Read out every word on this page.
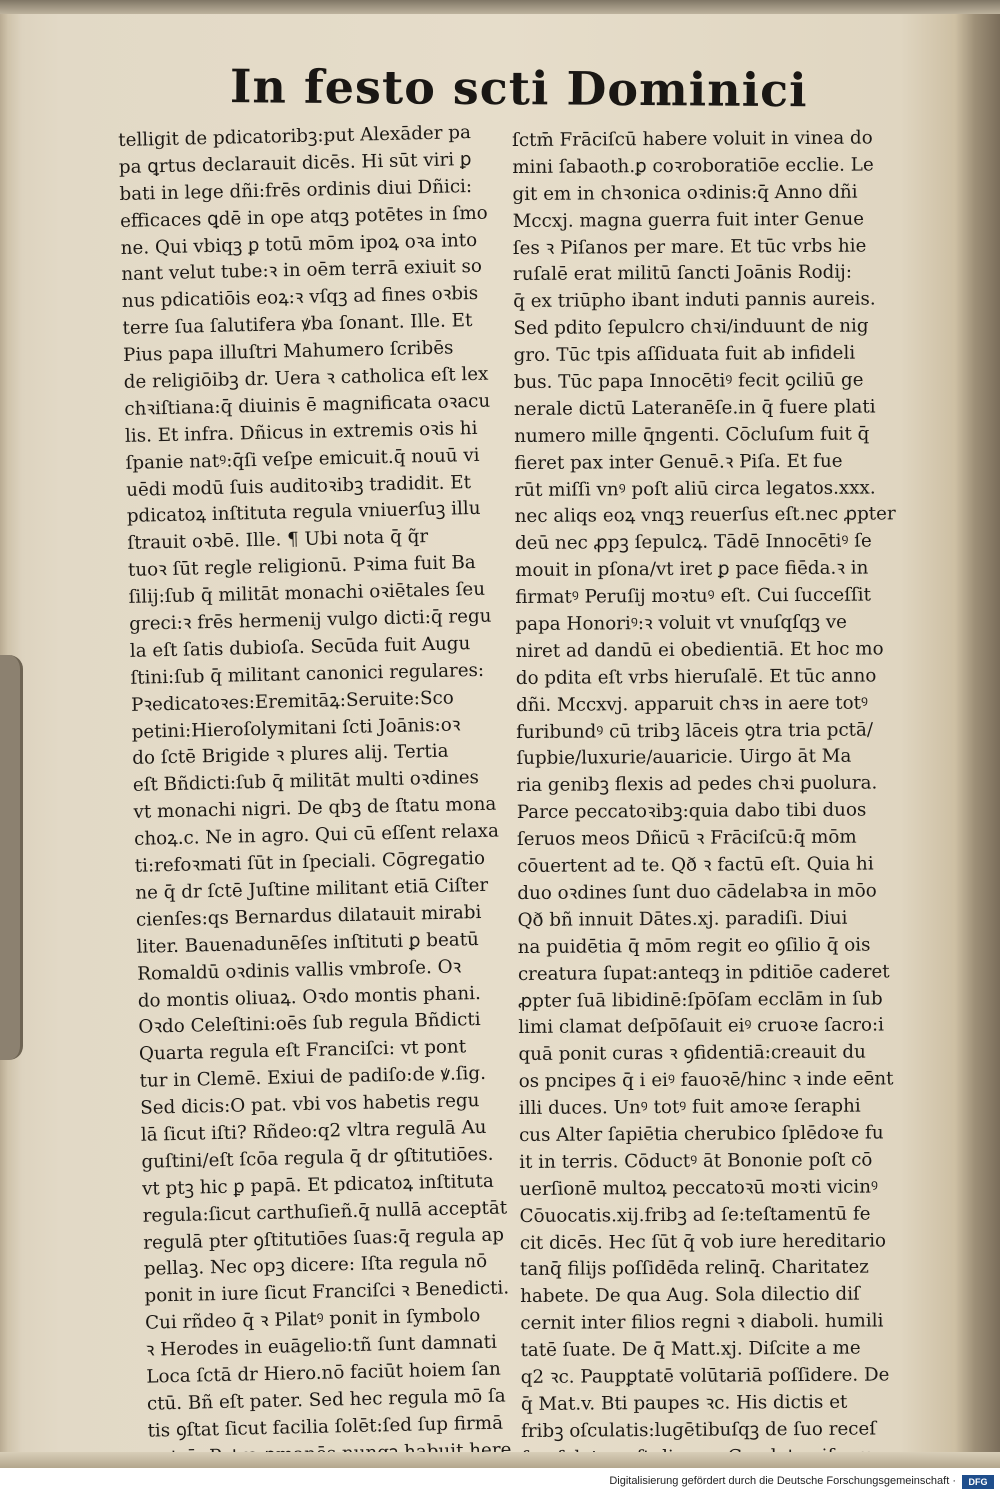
In festo scti Dominici
telligit de pdicatoribꝫ:put Alexāder pa
pa ꝗrtus declarauit dicēs. Hi sūt viri ꝑ
bati in lege dñi:frēs ordinis diui Dñici:
efficaces ꝗdē in ope atqꝫ potētes in ſmo
ne. Qui vbiqꝫ ꝑ totū mōm ipoꝝ oꝛa into
nant velut tube:ꝛ in oēm terrā exiuit so
nus pdicatiōis eoꝝ:ꝛ vſqꝫ ad fines oꝛbis
terre ſua ſalutifera ꝟba ſonant. Ille. Et
Pius papa illuſtri Mahumero ſcribēs
de religiōibꝫ dr. Uera ꝛ catholica eſt lex
chꝛiſtiana:q̄ diuinis ē magnificata oꝛacu
lis. Et infra. Dñicus in extremis oꝛis hi
ſpanie natꝰ:q̄ſi veſpe emicuit.q̄ nouū vi
uēdi modū ſuis auditoꝛibꝫ tradidit. Et
pdicatoꝝ inſtituta regula vniuerſuꝫ illu
ſtrauit oꝛbē. Ille. ¶ Ubi nota q̄ q̃r
tuoꝛ ſūt regle religionū. Pꝛima fuit Ba
ſilij:ſub q̄ militāt monachi oꝛiētales ſeu
greci:ꝛ frēs hermenij vulgo dicti:q̄ regu
la eſt ſatis dubioſa. Secūda fuit Augu
ſtini:ſub q̄ militant canonici regulares:
Pꝛedicatoꝛes:Eremitāꝝ:Seruite:Sco
petini:Hieroſolymitani ſcti Joānis:oꝛ
do ſctē Brigide ꝛ plures alij. Tertia
eſt Bñdicti:ſub q̄ militāt multi oꝛdines
vt monachi nigri. De qbꝫ de ſtatu mona
choꝝ.c. Ne in agro. Qui cū eſſent relaxa
ti:refoꝛmati ſūt in ſpeciali. Cōgregatio
ne q̄ dr ſctē Juſtine militant etiā Ciſter
cienſes:qs Bernardus dilatauit mirabi
liter. Bauenadunēſes inſtituti ꝑ beatū
Romaldū oꝛdinis vallis vmbroſe. Oꝛ
do montis oliuaꝝ. Oꝛdo montis phani.
Oꝛdo Celeſtini:oēs ſub regula Bñdicti
Quarta regula eſt Franciſci: vt pont
tur in Clemē. Exiui de padiſo:de ꝟ.ſig.
Sed dicis:O pat. vbi vos habetis regu
lā ſicut iſti? Rñdeo:q2 vltra regulā Au
guſtini/eſt ſcōa regula q̄ dr ꝯſtitutiōes.
vt ptꝫ hic ꝑ papā. Et pdicatoꝝ inſtituta
regula:ſicut carthuſieñ.q̄ nullā acceptāt
regulā pter ꝯſtitutiōes ſuas:q̄ regula ap
pellaꝫ. Nec opꝫ dicere: Iſta regula nō
ponit in iure ſicut Franciſci ꝛ Benedicti.
Cui rñdeo q̄ ꝛ Pilatꝰ ponit in ſymbolo
ꝛ Herodes in euāgelio:tñ ſunt damnati
Loca ſctā dr Hiero.nō faciūt hoiem ſan
ctū. Bñ eſt pater. Sed hec regula mō ſa
tis ꝯſtat ſicut facilia ſolēt:ſed ſup firmā
ſctm̄ Frāciſcū habere voluit in vinea do
mini ſabaoth.ꝑ coꝛroboratiōe ecclie. Le
git em in chꝛonica oꝛdinis:q̄ Anno dñi
Mccxj. magna guerra fuit inter Genue
ſes ꝛ Piſanos per mare. Et tūc vrbs hie
ruſalē erat militū ſancti Joānis Rodij:
q̄ ex triūpho ibant induti pannis aureis.
Sed pdito ſepulcro chꝛi/induunt de nig
gro. Tūc tpis aſſiduata fuit ab infideli
bus. Tūc papa Innocētiꝰ fecit ꝯciliū ge
nerale dictū Lateranēſe.in q̄ fuere plati
numero mille q̄ngenti. Cōcluſum fuit q̄
fieret pax inter Genuē.ꝛ Piſa. Et fue
rūt miſſi vnꝰ poſt aliū circa legatos.xxx.
nec aliqs eoꝝ vnqꝫ reuerſus eſt.nec ꝓpter
deū nec ꝓpꝫ ſepulcꝝ. Tādē Innocētiꝰ ſe
mouit in pſona/vt iret ꝑ pace fiēda.ꝛ in
firmatꝰ Peruſij moꝛtuꝰ eſt. Cui ſucceſſit
papa Honoriꝰ:ꝛ voluit vt vnuſqſqꝫ ve
niret ad dandū ei obedientiā. Et hoc mo
do pdita eſt vrbs hieruſalē. Et tūc anno
dñi. Mccxvj. apparuit chꝛs in aere totꝰ
furibundꝰ cū tribꝫ lāceis ꝯtra tria pctā/
ſupbie/luxurie/auaricie. Uirgo āt Ma
ria genibꝫ flexis ad pedes chꝛi ꝑuolura.
Parce peccatoꝛibꝫ:quia dabo tibi duos
ſeruos meos Dñicū ꝛ Frāciſcū:q̄ mōm
cōuertent ad te. Qð ꝛ factū eſt. Quia hi
duo oꝛdines ſunt duo cādelabꝛa in mōo
Qð bñ innuit Dātes.xj. paradiſi. Diui
na puidētia q̄ mōm regit eo ꝯſilio q̄ ois
creatura ſupat:anteqꝫ in pditiōe caderet
ꝓpter ſuā libidinē:ſpōſam ecclām in ſub
limi clamat deſpōſauit eiꝰ cruoꝛe ſacro:i
quā ponit curas ꝛ ꝯfidentiā:creauit du
os pncipes q̄ i eiꝰ fauoꝛē/hinc ꝛ inde eēnt
illi duces. Unꝰ totꝰ fuit amoꝛe ſeraphi
cus Alter ſapiētia cherubico ſplēdoꝛe fu
it in terris. Cōductꝰ āt Bononie poſt cō
uerſionē multoꝝ peccatoꝛū moꝛti vicinꝰ
Cōuocatis.xij.fribꝫ ad ſe:teſtamentū fe
cit dicēs. Hec ſūt q̄ vob iure hereditario
tanq̄ filijs poſſidēda relinq̄. Charitatez
habete. De qua Aug. Sola dilectio diſ
cernit inter filios regni ꝛ diaboli. humili
tatē ſuate. De q̄ Matt.xj. Diſcite a me
q2 ꝛc. Paupꝑtatē volūtariā poſſidere. De
q̄ Mat.v. Bti paupes ꝛc. His dictis et
fribꝫ oſculatis:lugētibuſqꝫ de ſuo receſ
Digitalisierung gefördert durch die Deutsche Forschungsgemeinschaft ·	DFG
